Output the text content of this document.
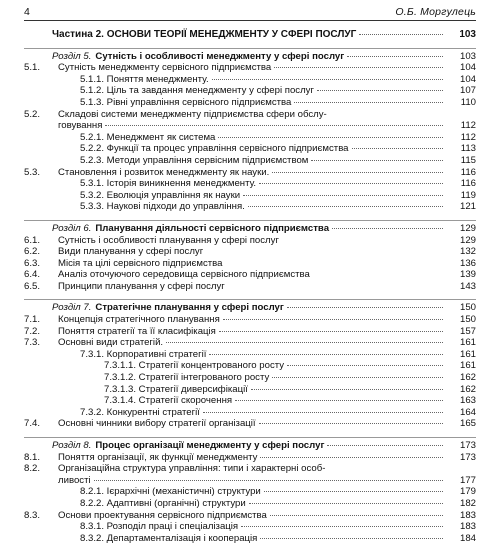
4	О.Б. Моргулець
Частина 2. ОСНОВИ ТЕОРІЇ МЕНЕДЖМЕНТУ У СФЕРІ ПОСЛУГ	103
Розділ 5. Сутність і особливості менеджменту у сфері послуг	103
5.1.	Сутність менеджменту сервісного підприємства	104
5.1.1. Поняття менеджменту.	104
5.1.2. Ціль та завдання менеджменту у сфері послуг	107
5.1.3. Рівні управління сервісного підприємства	110
5.2.	Складові системи менеджменту підприємства сфери обслу-
говування	112
5.2.1. Менеджмент як система	112
5.2.2. Функції та процес управління сервісного підприємства	113
5.2.3. Методи управління сервісним підприємством	115
5.3.	Становлення і розвиток менеджменту як науки.	116
5.3.1. Історія виникнення менеджменту.	116
5.3.2. Еволюція управління як науки	119
5.3.3. Наукові підходи до управління.	121
Розділ 6. Планування діяльності сервісного підприємства	129
6.1.	Сутність і особливості планування у сфері послуг	129
6.2.	Види планування у сфері послуг	132
6.3.	Місія та цілі сервісного підприємства	136
6.4.	Аналіз оточуючого середовища сервісного підприємства	139
6.5.	Принципи планування у сфері послуг	143
Розділ 7. Стратегічне планування у сфері послуг	150
7.1.	Концепція стратегічного планування	150
7.2.	Поняття стратегії та її класифікація	157
7.3.	Основні види стратегій.	161
7.3.1. Корпоративні стратегії	161
7.3.1.1. Стратегії концентрованого росту	161
7.3.1.2. Стратегії інтегрованого росту	162
7.3.1.3. Стратегії диверсифікації	162
7.3.1.4. Стратегії скорочення	163
7.3.2. Конкурентні стратегії	164
7.4.	Основні чинники вибору стратегії організації	165
Розділ 8. Процес організації менеджменту у сфері послуг	173
8.1.	Поняття організації, як функції менеджменту	173
8.2.	Організаційна структура управління: типи і характерні особ-
ливості	177
8.2.1. Ієрархічні (механістичні) структури	179
8.2.2. Адаптивні (органічні) структури	182
8.3.	Основи проектування сервісного підприємства	183
8.3.1. Розподіл праці і спеціалізація	183
8.3.2. Департаменталізація і кооперація	184
